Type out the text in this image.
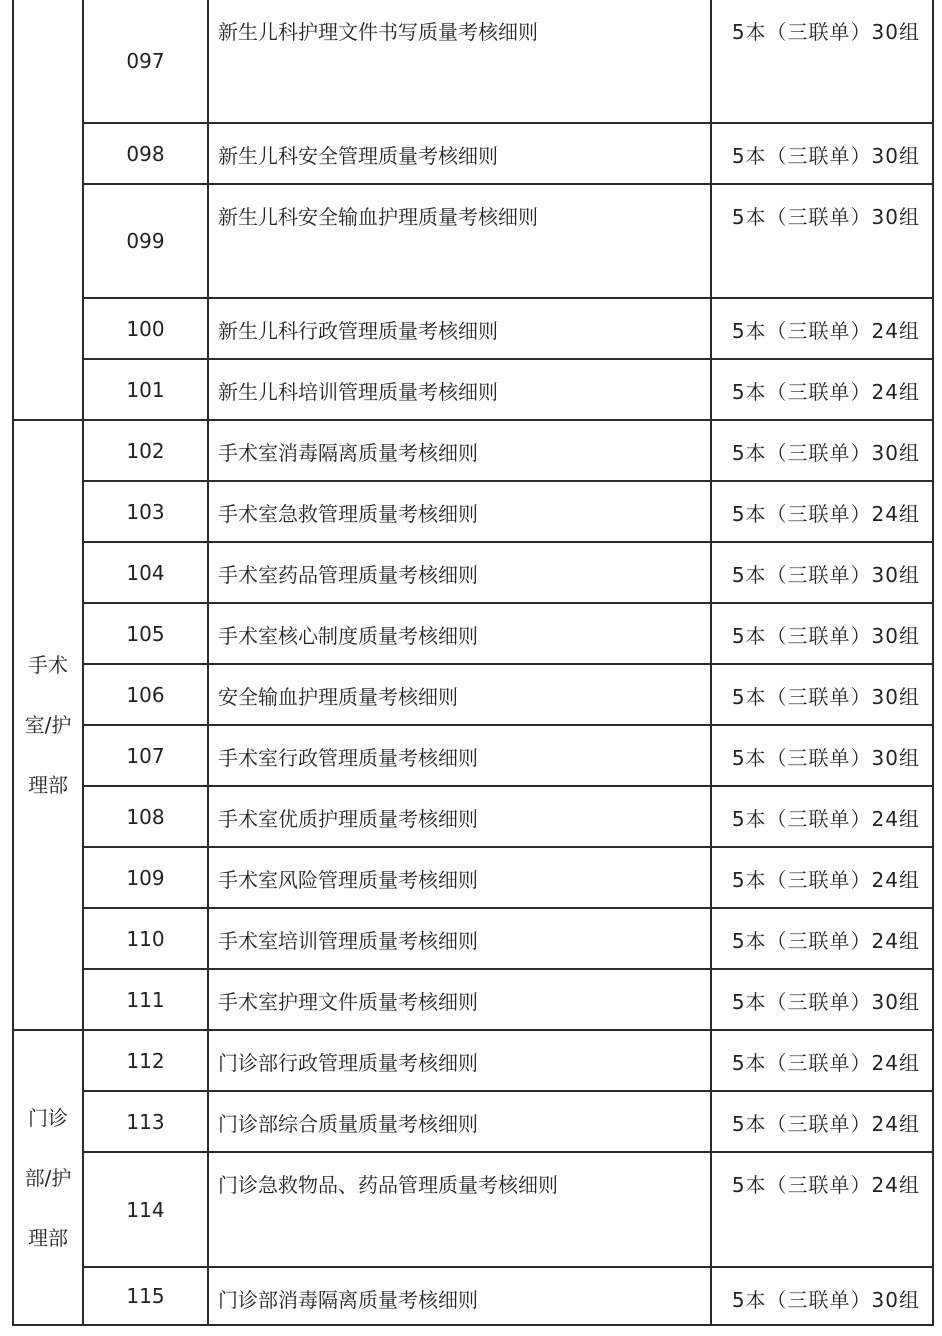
	097	新生儿科护理文件书写质量考核细则	5本（三联单）30组
	098	新生儿科安全管理质量考核细则	5本（三联单）30组
	099	新生儿科安全输血护理质量考核细则	5本（三联单）30组
	100	新生儿科行政管理质量考核细则	5本（三联单）24组
	101	新生儿科培训管理质量考核细则	5本（三联单）24组

手术
室/护
理部	102	手术室消毒隔离质量考核细则	5本（三联单）30组
	103	手术室急救管理质量考核细则	5本（三联单）24组
	104	手术室药品管理质量考核细则	5本（三联单）30组
	105	手术室核心制度质量考核细则	5本（三联单）30组
	106	安全输血护理质量考核细则	5本（三联单）30组
	107	手术室行政管理质量考核细则	5本（三联单）30组
	108	手术室优质护理质量考核细则	5本（三联单）24组
	109	手术室风险管理质量考核细则	5本（三联单）24组
	110	手术室培训管理质量考核细则	5本（三联单）24组
	111	手术室护理文件质量考核细则	5本（三联单）30组

门诊
部/护
理部	112	门诊部行政管理质量考核细则	5本（三联单）24组
	113	门诊部综合质量质量考核细则	5本（三联单）24组
	114	门诊急救物品、药品管理质量考核细则	5本（三联单）24组
	115	门诊部消毒隔离质量考核细则	5本（三联单）30组
